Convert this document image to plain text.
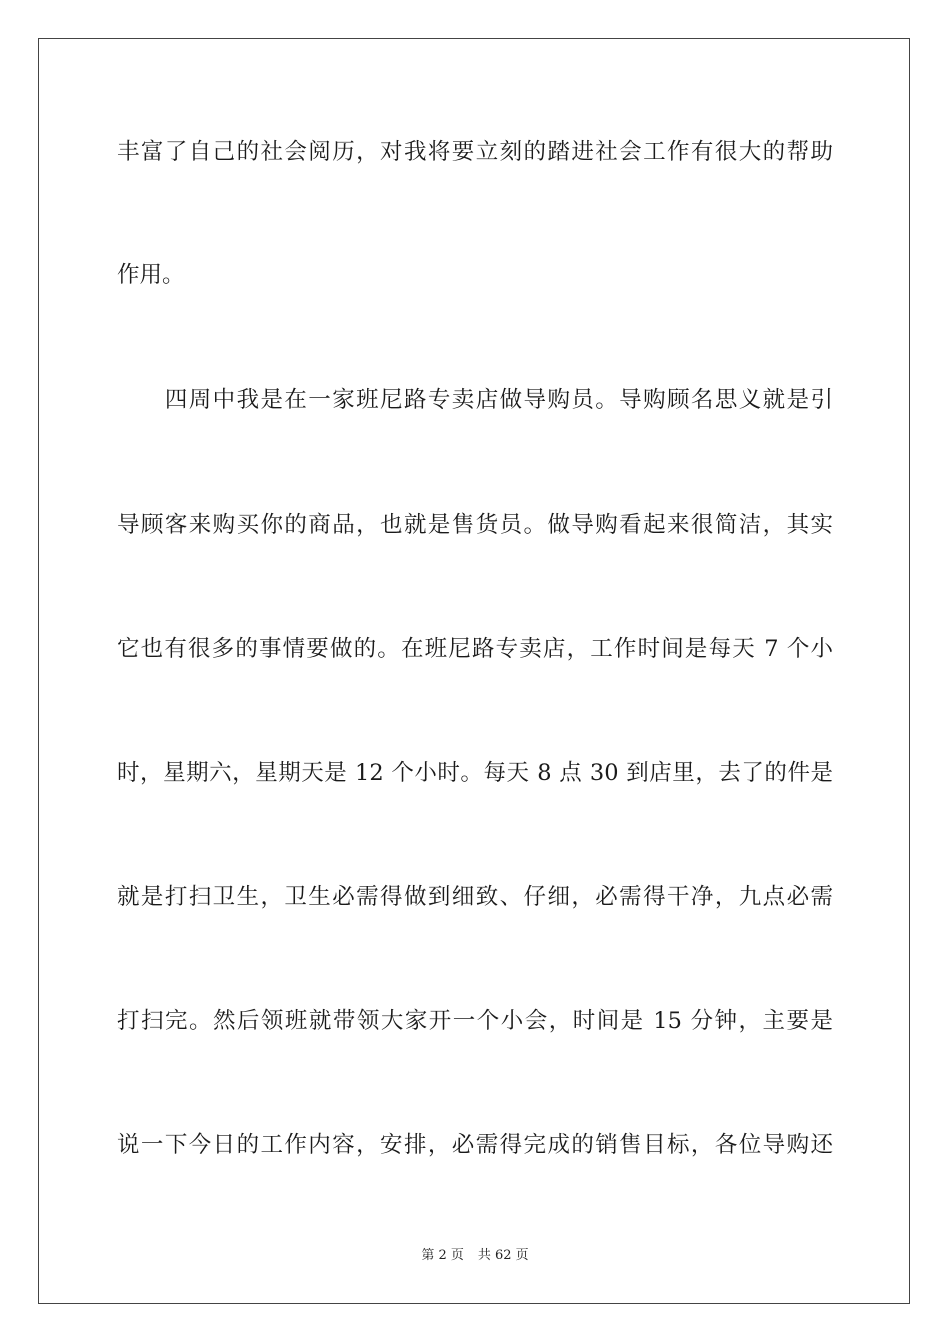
丰富了自己的社会阅历，对我将要立刻的踏进社会工作有很大的帮助
作用。
　　四周中我是在一家班尼路专卖店做导购员。导购顾名思义就是引
导顾客来购买你的商品，也就是售货员。做导购看起来很简洁，其实
它也有很多的事情要做的。在班尼路专卖店，工作时间是每天 7 个小
时，星期六，星期天是 12 个小时。每天 8 点 30 到店里，去了的件是
就是打扫卫生，卫生必需得做到细致、仔细，必需得干净，九点必需
打扫完。然后领班就带领大家开一个小会，时间是 15 分钟，主要是
说一下今日的工作内容，安排，必需得完成的销售目标，各位导购还
第 2 页 共 62 页
